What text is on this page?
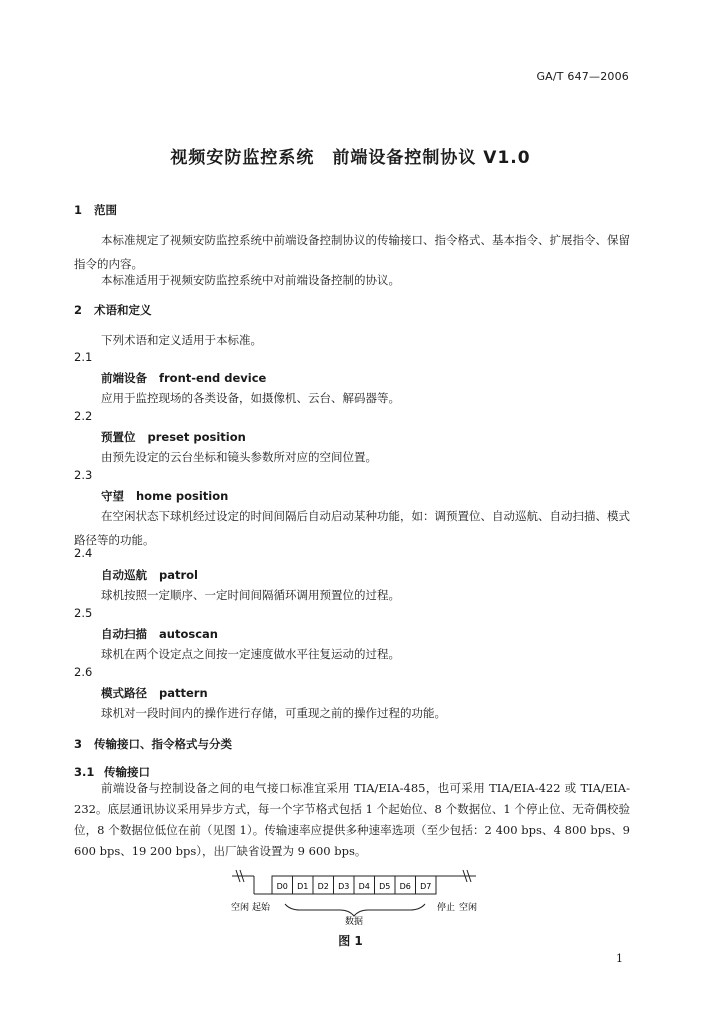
GA/T 647—2006
视频安防监控系统　前端设备控制协议 V1.0
1 范围
本标准规定了视频安防监控系统中前端设备控制协议的传输接口、指令格式、基本指令、扩展指令、保留指令的内容。
本标准适用于视频安防监控系统中对前端设备控制的协议。
2 术语和定义
下列术语和定义适用于本标准。
2.1
前端设备 front-end device
应用于监控现场的各类设备，如摄像机、云台、解码器等。
2.2
预置位 preset position
由预先设定的云台坐标和镜头参数所对应的空间位置。
2.3
守望 home position
在空闲状态下球机经过设定的时间间隔后自动启动某种功能，如：调预置位、自动巡航、自动扫描、模式路径等的功能。
2.4
自动巡航 patrol
球机按照一定顺序、一定时间间隔循环调用预置位的过程。
2.5
自动扫描 autoscan
球机在两个设定点之间按一定速度做水平往复运动的过程。
2.6
模式路径 pattern
球机对一段时间内的操作进行存储，可重现之前的操作过程的功能。
3 传输接口、指令格式与分类
3.1 传输接口
前端设备与控制设备之间的电气接口标准宜采用 TIA/EIA-485，也可采用 TIA/EIA-422 或 TIA/EIA-232。底层通讯协议采用异步方式，每一个字节格式包括 1 个起始位、8 个数据位、1 个停止位、无奇偶校验位，8 个数据位低位在前（见图 1）。传输速率应提供多种速率选项（至少包括：2 400 bps、4 800 bps、9 600 bps、19 200 bps），出厂缺省设置为 9 600 bps。
D0 D1 D2 D3 D4 D5 D6 D7
空闲 起始
数据
停止 空闲
图 1
1
